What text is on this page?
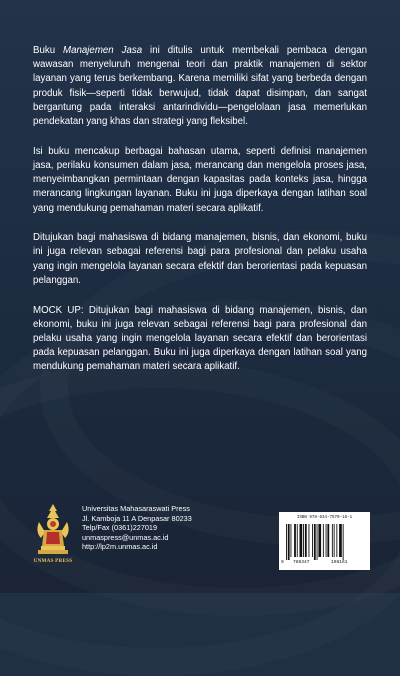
Buku Manajemen Jasa ini ditulis untuk membekali pembaca dengan wawasan menyeluruh mengenai teori dan praktik manajemen di sektor layanan yang terus berkembang. Karena memiliki sifat yang berbeda dengan produk fisik—seperti tidak berwujud, tidak dapat disimpan, dan sangat bergantung pada interaksi antarindividu—pengelolaan jasa memerlukan pendekatan yang khas dan strategi yang fleksibel.

Isi buku mencakup berbagai bahasan utama, seperti definisi manajemen jasa, perilaku konsumen dalam jasa, merancang dan mengelola proses jasa, menyeimbangkan permintaan dengan kapasitas pada konteks jasa, hingga merancang lingkungan layanan. Buku ini juga diperkaya dengan latihan soal yang mendukung pemahaman materi secara aplikatif.

Ditujukan bagi mahasiswa di bidang manajemen, bisnis, dan ekonomi, buku ini juga relevan sebagai referensi bagi para profesional dan pelaku usaha yang ingin mengelola layanan secara efektif dan berorientasi pada kepuasan pelanggan.

MOCK UP: Ditujukan bagi mahasiswa di bidang manajemen, bisnis, dan ekonomi, buku ini juga relevan sebagai referensi bagi para profesional dan pelaku usaha yang ingin mengelola layanan secara efektif dan berorientasi pada kepuasan pelanggan. Buku ini juga diperkaya dengan latihan soal yang mendukung pemahaman materi secara aplikatif.

UNMAS PRESS
Universitas Mahasaraswati Press
Jl. Kamboja 11 A Denpasar 80233
Telp/Fax (0361)227019
unmaspress@unmas.ac.id
http://lp2m.unmas.ac.id
ISBN 978-634-7570-16-1
9 786347	198161
